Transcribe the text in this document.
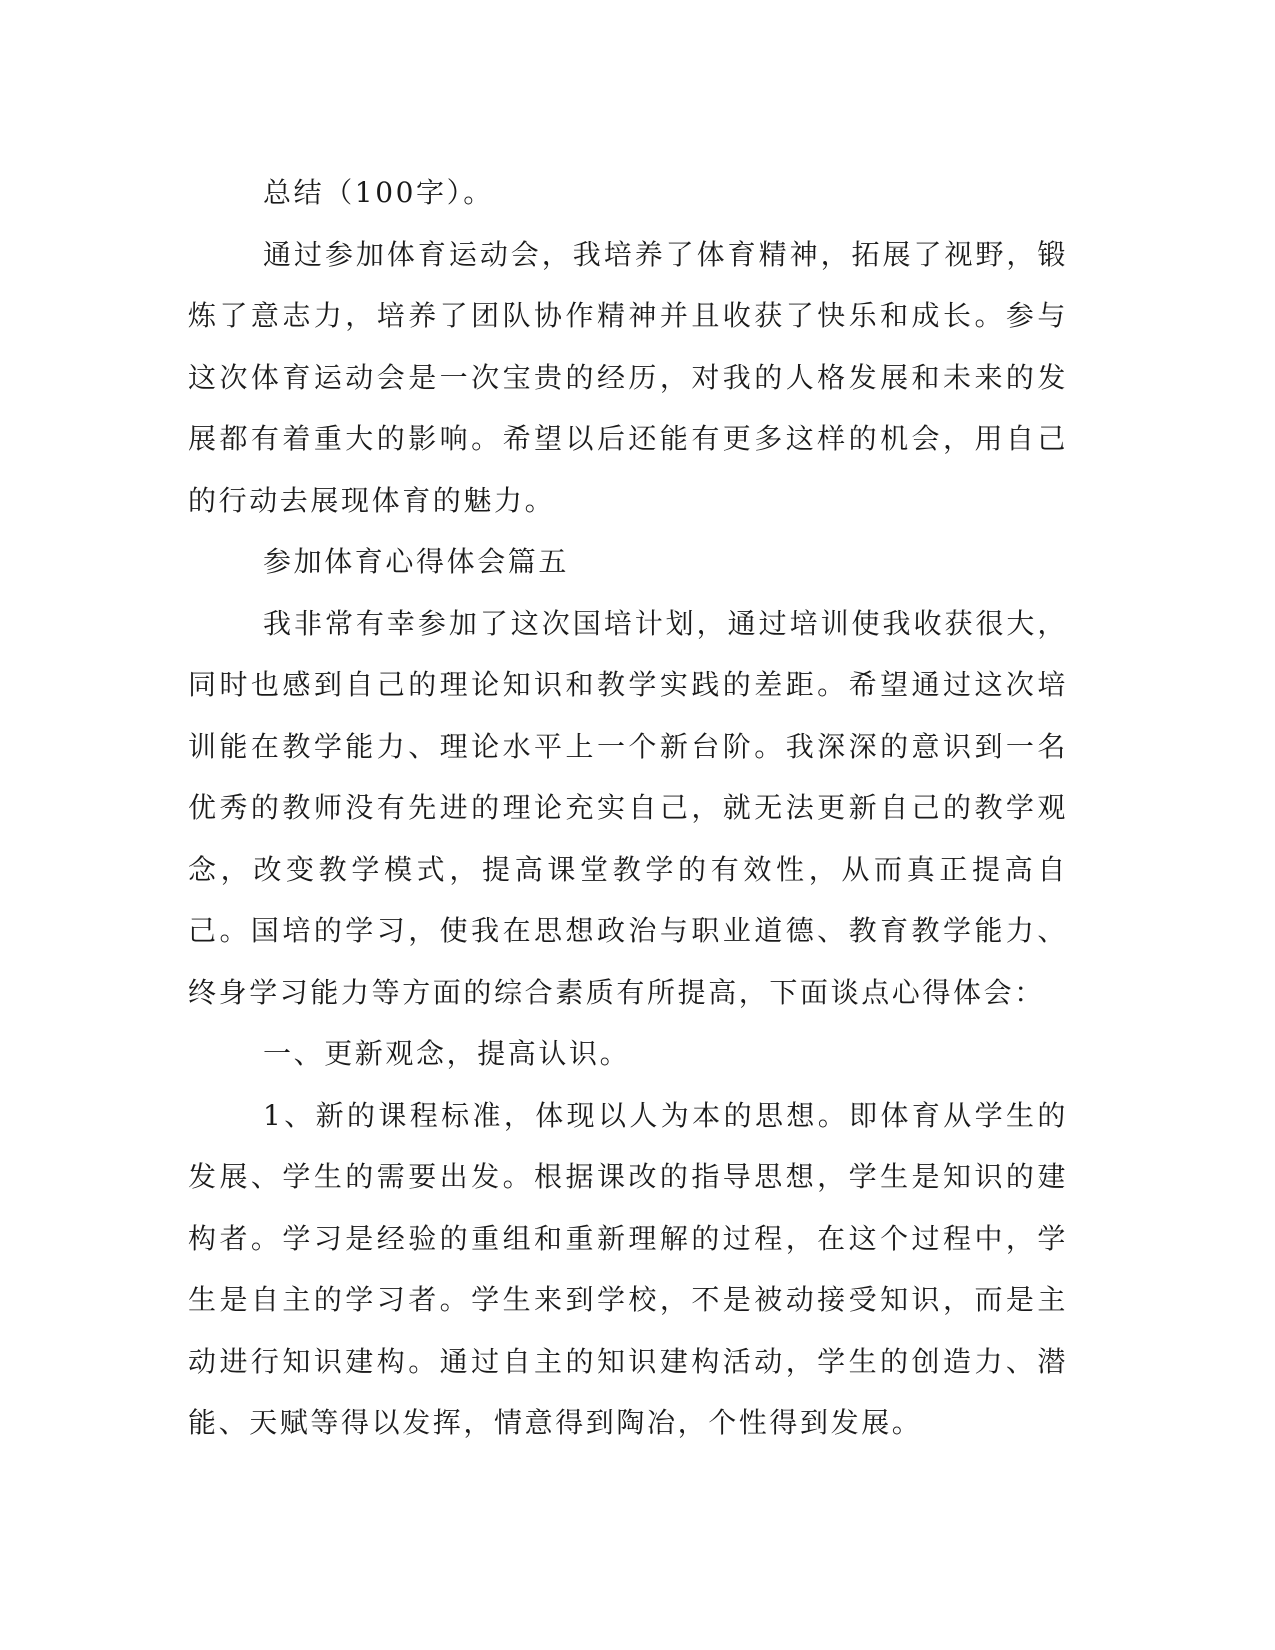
总结（100字）。

通过参加体育运动会，我培养了体育精神，拓展了视野，锻炼了意志力，培养了团队协作精神并且收获了快乐和成长。参与这次体育运动会是一次宝贵的经历，对我的人格发展和未来的发展都有着重大的影响。希望以后还能有更多这样的机会，用自己的行动去展现体育的魅力。

参加体育心得体会篇五

我非常有幸参加了这次国培计划，通过培训使我收获很大，同时也感到自己的理论知识和教学实践的差距。希望通过这次培训能在教学能力、理论水平上一个新台阶。我深深的意识到一名优秀的教师没有先进的理论充实自己，就无法更新自己的教学观念，改变教学模式，提高课堂教学的有效性，从而真正提高自己。国培的学习，使我在思想政治与职业道德、教育教学能力、终身学习能力等方面的综合素质有所提高，下面谈点心得体会：

一、更新观念，提高认识。

1、新的课程标准，体现以人为本的思想。即体育从学生的发展、学生的需要出发。根据课改的指导思想，学生是知识的建构者。学习是经验的重组和重新理解的过程，在这个过程中，学生是自主的学习者。学生来到学校，不是被动接受知识，而是主动进行知识建构。通过自主的知识建构活动，学生的创造力、潜能、天赋等得以发挥，情意得到陶冶，个性得到发展。
